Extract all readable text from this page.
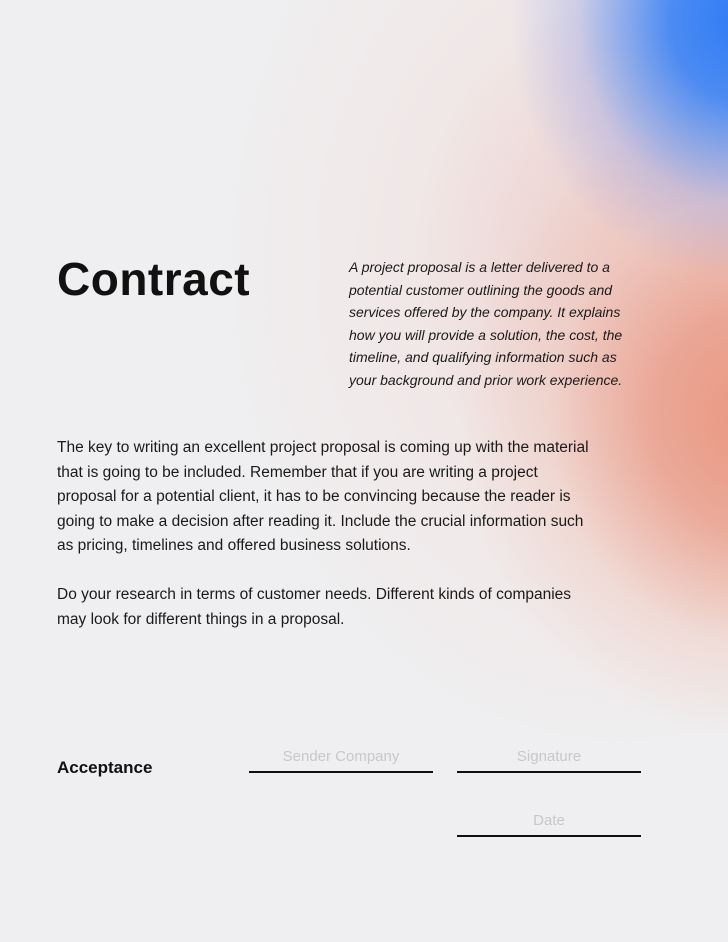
Contract	A project proposal is a letter delivered to a
potential customer outlining the goods and
services offered by the company. It explains
how you will provide a solution, the cost, the
timeline, and qualifying information such as
your background and prior work experience.

The key to writing an excellent project proposal is coming up with the material
that is going to be included. Remember that if you are writing a project
proposal for a potential client, it has to be convincing because the reader is
going to make a decision after reading it. Include the crucial information such
as pricing, timelines and offered business solutions.

Do your research in terms of customer needs. Different kinds of companies
may look for different things in a proposal.

Acceptance
Sender Company	Signature
Date
